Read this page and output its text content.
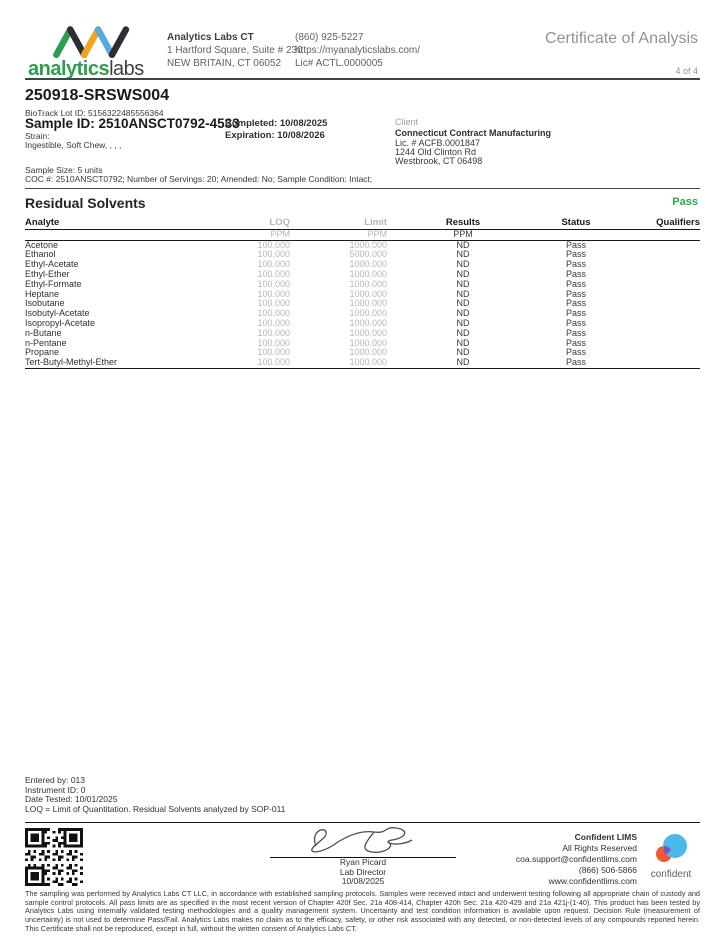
analyticslabs
Analytics Labs CT
1 Hartford Square, Suite # 230
NEW BRITAIN, CT 06052
(860) 925-5227
https://myanalyticslabs.com/
Lic# ACTL.0000005
Certificate of Analysis
4 of 4
250918-SRSWS004
BioTrack Lot ID: 5156322485556364
Sample ID: 2510ANSCT0792-4533
Completed: 10/08/2025
Expiration: 10/08/2026
Strain:
Ingestible, Soft Chew, , , ,
Client
Connecticut Contract Manufacturing
Lic. # ACFB.0001847
1244 Old Clinton Rd
Westbrook, CT 06498
Sample Size: 5 units
COC #: 2510ANSCT0792; Number of Servings: 20; Amended: No; Sample Condition: Intact;
Residual Solvents	Pass
Analyte	LOQ	Limit	Results	Status	Qualifiers
	PPM	PPM	PPM		
Acetone	100.000	1000.000	ND	Pass	
Ethanol	100.000	5000.000	ND	Pass	
Ethyl-Acetate	100.000	1000.000	ND	Pass	
Ethyl-Ether	100.000	1000.000	ND	Pass	
Ethyl-Formate	100.000	1000.000	ND	Pass	
Heptane	100.000	1000.000	ND	Pass	
Isobutane	100.000	1000.000	ND	Pass	
Isobutyl-Acetate	100.000	1000.000	ND	Pass	
Isopropyl-Acetate	100.000	1000.000	ND	Pass	
n-Butane	100.000	1000.000	ND	Pass	
n-Pentane	100.000	1000.000	ND	Pass	
Propane	100.000	1000.000	ND	Pass	
Tert-Butyl-Methyl-Ether	100.000	1000.000	ND	Pass	
Entered by: 013
Instrument ID: 0
Date Tested: 10/01/2025
LOQ = Limit of Quantitation. Residual Solvents analyzed by SOP-011
Ryan Picard
Lab Director
10/08/2025
Confident LIMS
All Rights Reserved
coa.support@confidentlims.com
(866) 506-5866
www.confidentlims.com
confident

The sampling was performed by Analytics Labs CT LLC, in accordance with established sampling protocols. Samples were received intact and underwent testing following all appropriate chain of custody and sample control protocols. All pass limits are as specified in the most recent version of Chapter 420f Sec. 21a 408-414, Chapter 420h Sec. 21a 420-429 and 21a 421j-(1-40). This product has been tested by Analytics Labs using internally validated testing methodologies and a quality management system. Uncertainty and test condition information is available upon request. Decision Rule (measurement of uncertainty) is not used to determine Pass/Fail. Analytics Labs makes no claim as to the efficacy, safety, or other risk associated with any detected, or non-detected levels of any compounds reported herein. This Certificate shall not be reproduced, except in full, without the written consent of Analytics Labs CT.
